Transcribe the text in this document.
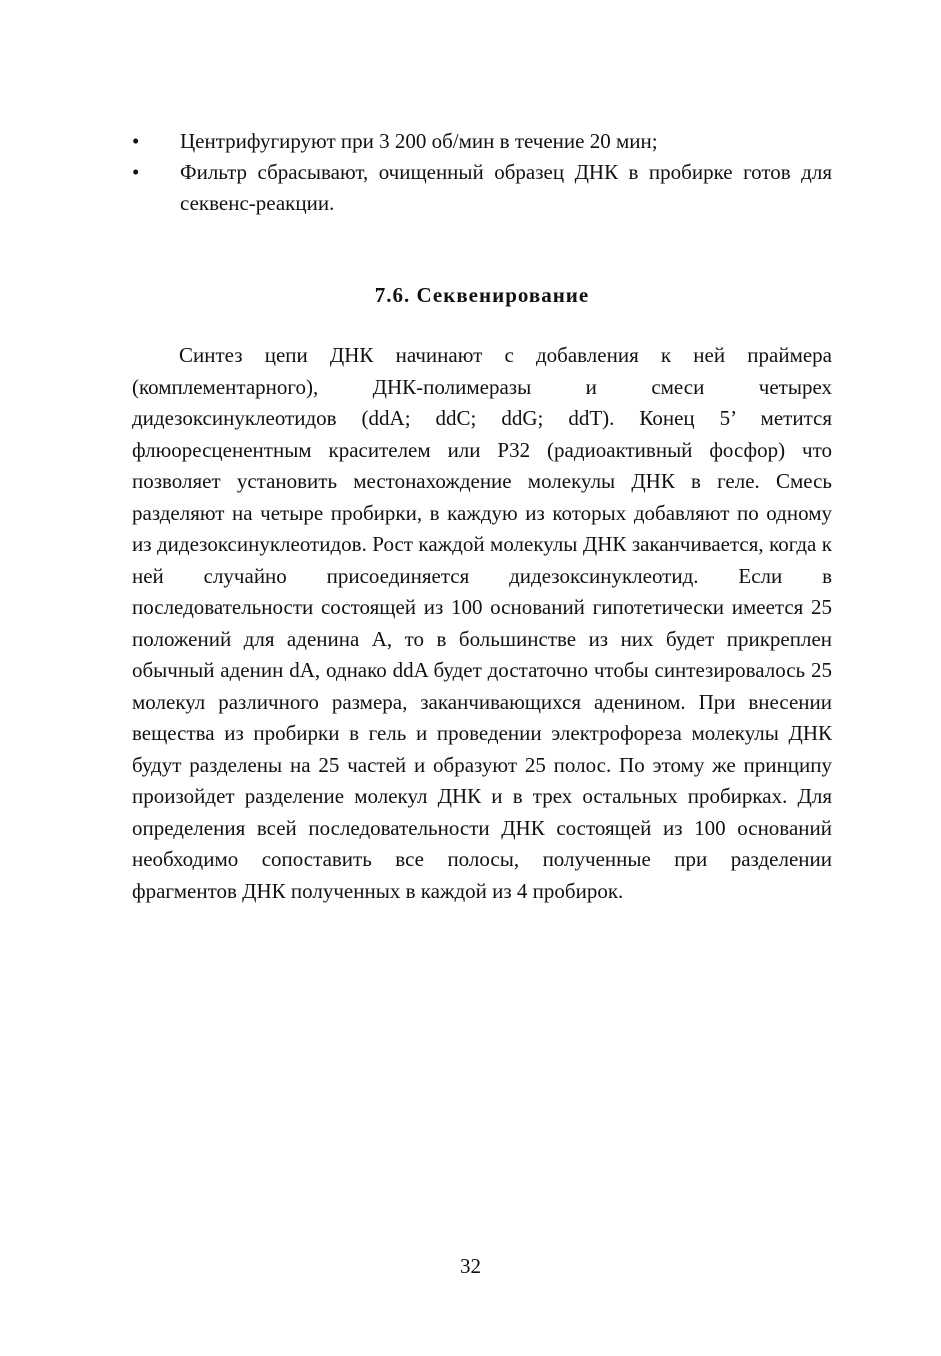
• Центрифугируют при 3 200 об/мин в течение 20 мин;
• Фильтр сбрасывают, очищенный образец ДНК в пробирке готов для секвенс-реакции.
7.6. Секвенирование

Синтез цепи ДНК начинают с добавления к ней праймера (комплементарного), ДНК-полимеразы и смеси четырех дидезоксинуклеотидов (ddA; ddC; ddG; ddT). Конец 5’ метится флюоресценентным красителем или P32 (радиоактивный фосфор) что позволяет установить местонахождение молекулы ДНК в геле. Смесь разделяют на четыре пробирки, в каждую из которых добавляют по одному из дидезоксинуклеотидов. Рост каждой молекулы ДНК заканчивается, когда к ней случайно присоединяется дидезоксинуклеотид. Если в последовательности состоящей из 100 оснований гипотетически имеется 25 положений для аденина А, то в большинстве из них будет прикреплен обычный аденин dA, однако ddA будет достаточно чтобы синтезировалось 25 молекул различного размера, заканчивающихся аденином. При внесении вещества из пробирки в гель и проведении электрофореза молекулы ДНК будут разделены на 25 частей и образуют 25 полос. По этому же принципу произойдет разделение молекул ДНК и в трех остальных пробирках. Для определения всей последовательности ДНК состоящей из 100 оснований необходимо сопоставить все полосы, полученные при разделении фрагментов ДНК полученных в каждой из 4 пробирок.

32
